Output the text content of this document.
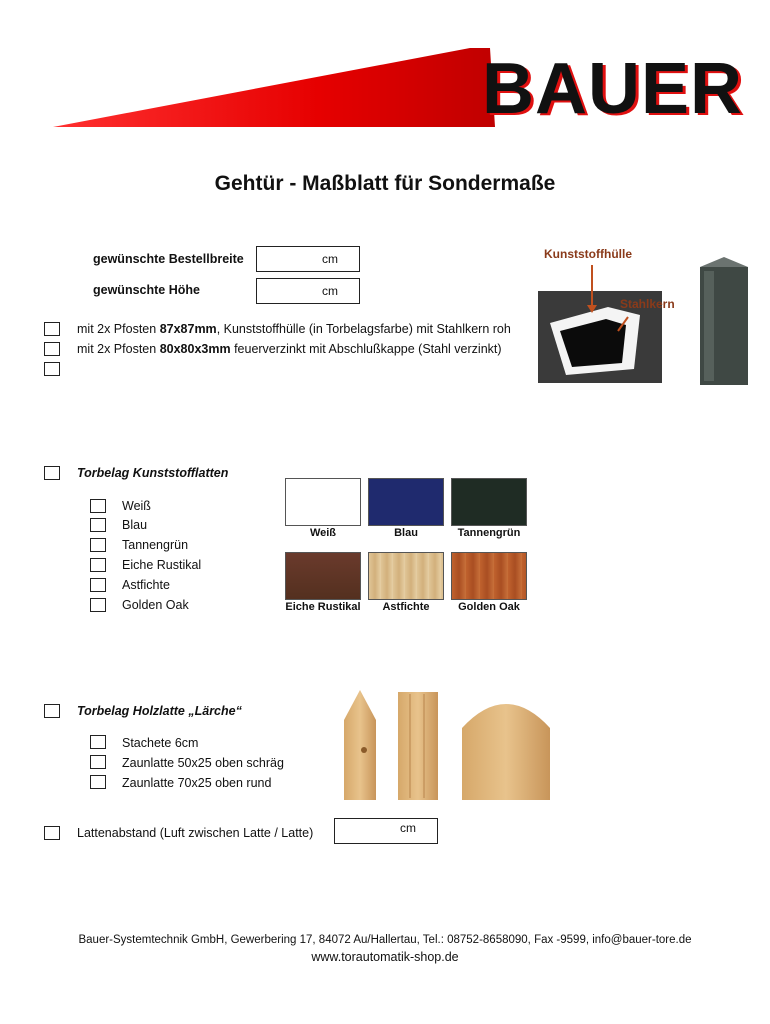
BAUER
Gehtür - Maßblatt für Sondermaße
gewünschte Bestellbreite	cm
gewünschte Höhe	cm
mit 2x Pfosten 87x87mm, Kunststoffhülle (in Torbelagsfarbe) mit Stahlkern roh
mit 2x Pfosten 80x80x3mm feuerverzinkt mit Abschlußkappe (Stahl verzinkt)
Kunststoffhülle
Stahlkern
Torbelag Kunststofflatten
Weiß
Blau
Tannengrün
Eiche Rustikal
Astfichte
Golden Oak
Weiß	Blau	Tannengrün
Eiche Rustikal	Astfichte	Golden Oak
Torbelag Holzlatte „Lärche“
Stachete 6cm
Zaunlatte 50x25 oben schräg
Zaunlatte 70x25 oben rund
Lattenabstand (Luft zwischen Latte / Latte)	cm
Bauer-Systemtechnik GmbH, Gewerbering 17, 84072 Au/Hallertau, Tel.: 08752-8658090, Fax -9599, info@bauer-tore.de
www.torautomatik-shop.de
